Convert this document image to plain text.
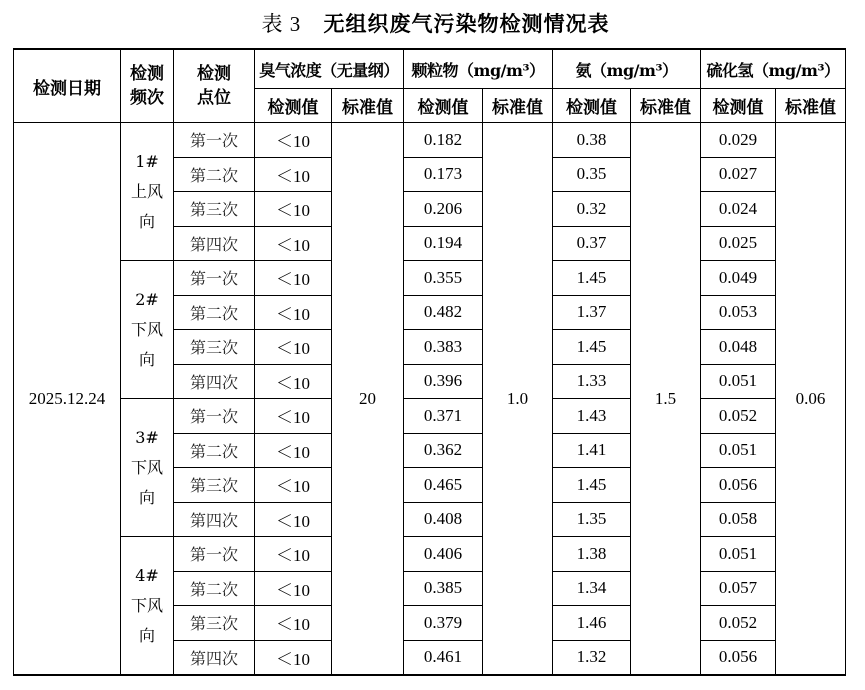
表 3 无组织废气污染物检测情况表
检测日期	检测频次	检测点位	臭气浓度（无量纲）		颗粒物（mg/m³）		氨（mg/m³）		硫化氢（mg/m³）	
			检测值	标准值	检测值	标准值	检测值	标准值	检测值	标准值
2025.12.24	1#上风向	第一次	＜10	20	0.182	1.0	0.38	1.5	0.029	0.06
		第二次	＜10		0.173		0.35		0.027	
		第三次	＜10		0.206		0.32		0.024	
		第四次	＜10		0.194		0.37		0.025	
	2#下风向	第一次	＜10		0.355		1.45		0.049	
		第二次	＜10		0.482		1.37		0.053	
		第三次	＜10		0.383		1.45		0.048	
		第四次	＜10		0.396		1.33		0.051	
	3#下风向	第一次	＜10		0.371		1.43		0.052	
		第二次	＜10		0.362		1.41		0.051	
		第三次	＜10		0.465		1.45		0.056	
		第四次	＜10		0.408		1.35		0.058	
	4#下风向	第一次	＜10		0.406		1.38		0.051	
		第二次	＜10		0.385		1.34		0.057	
		第三次	＜10		0.379		1.46		0.052	
		第四次	＜10		0.461		1.32		0.056	
